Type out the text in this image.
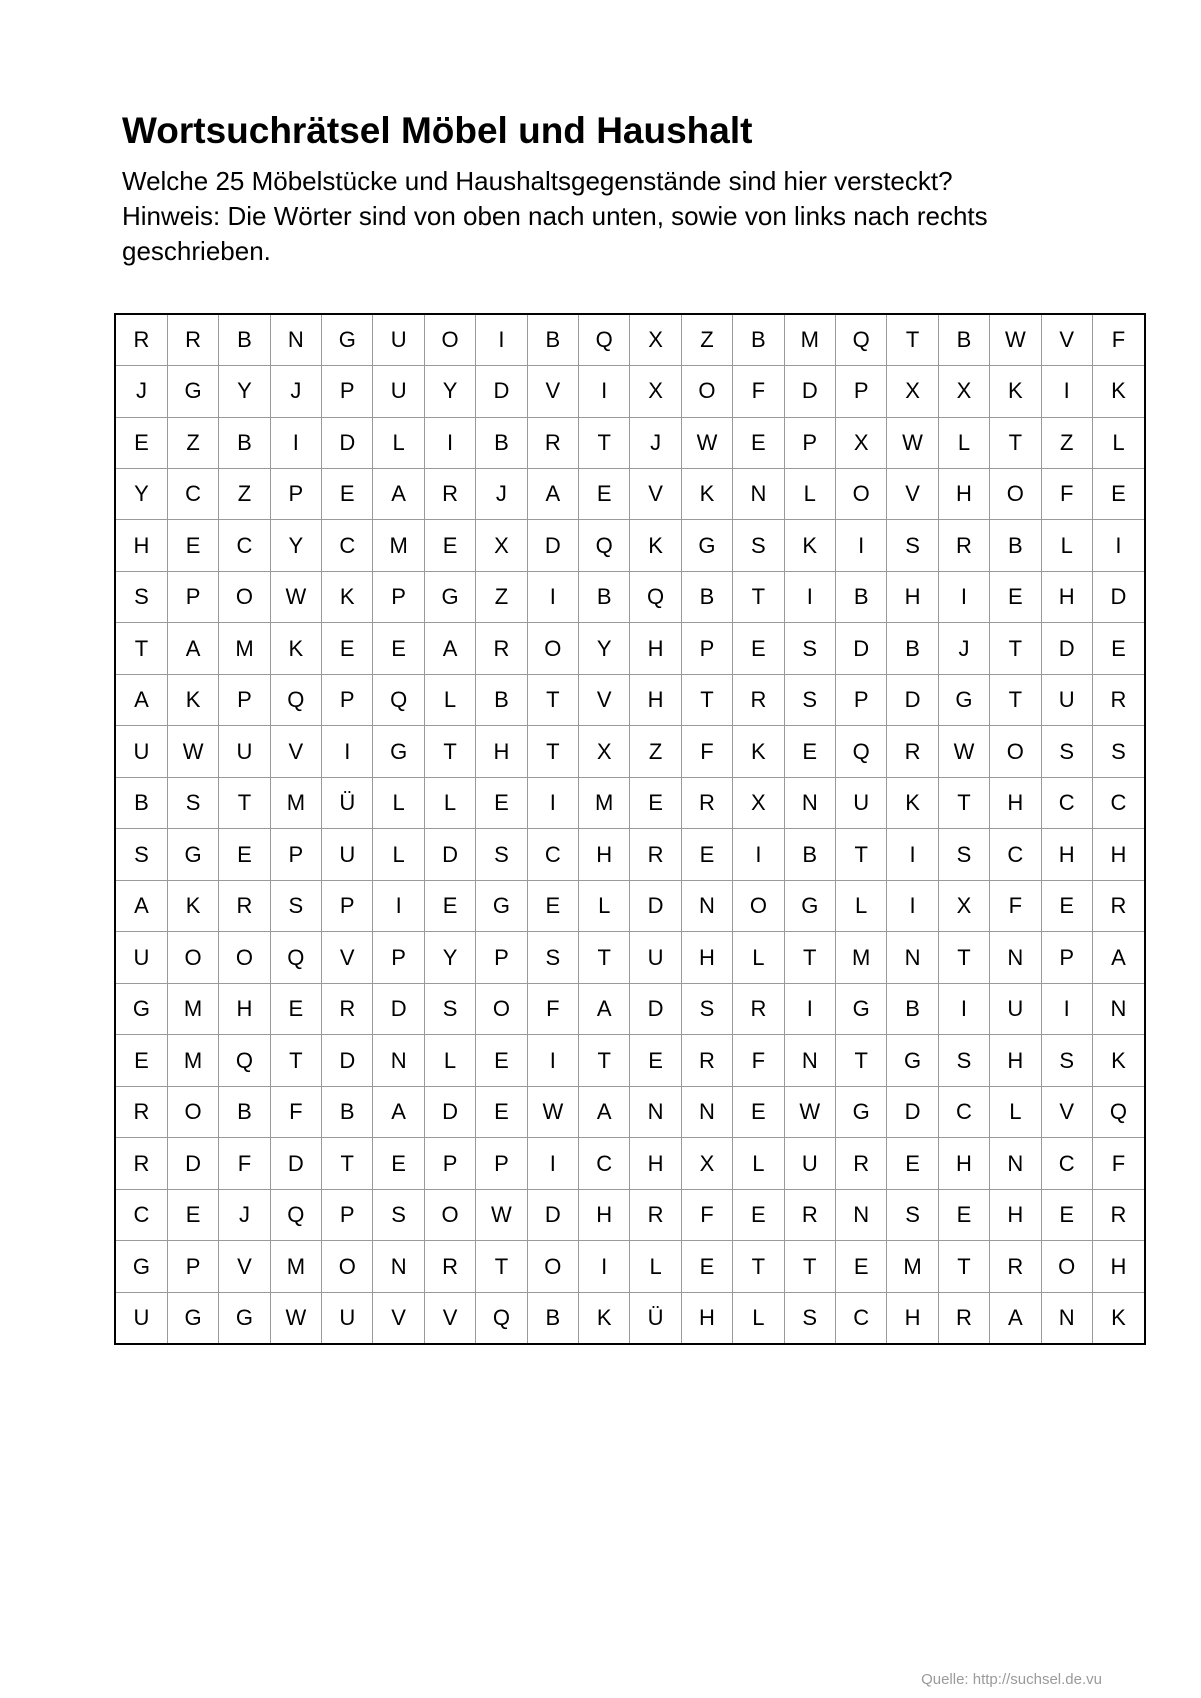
Wortsuchrätsel Möbel und Haushalt

Welche 25 Möbelstücke und Haushaltsgegenstände sind hier versteckt?

Hinweis: Die Wörter sind von oben nach unten, sowie von links nach rechts geschrieben.

R	R	B	N	G	U	O	I	B	Q	X	Z	B	M	Q	T	B	W	V	F
J	G	Y	J	P	U	Y	D	V	I	X	O	F	D	P	X	X	K	I	K
E	Z	B	I	D	L	I	B	R	T	J	W	E	P	X	W	L	T	Z	L
Y	C	Z	P	E	A	R	J	A	E	V	K	N	L	O	V	H	O	F	E
H	E	C	Y	C	M	E	X	D	Q	K	G	S	K	I	S	R	B	L	I
S	P	O	W	K	P	G	Z	I	B	Q	B	T	I	B	H	I	E	H	D
T	A	M	K	E	E	A	R	O	Y	H	P	E	S	D	B	J	T	D	E
A	K	P	Q	P	Q	L	B	T	V	H	T	R	S	P	D	G	T	U	R
U	W	U	V	I	G	T	H	T	X	Z	F	K	E	Q	R	W	O	S	S
B	S	T	M	Ü	L	L	E	I	M	E	R	X	N	U	K	T	H	C	C
S	G	E	P	U	L	D	S	C	H	R	E	I	B	T	I	S	C	H	H
A	K	R	S	P	I	E	G	E	L	D	N	O	G	L	I	X	F	E	R
U	O	O	Q	V	P	Y	P	S	T	U	H	L	T	M	N	T	N	P	A
G	M	H	E	R	D	S	O	F	A	D	S	R	I	G	B	I	U	I	N
E	M	Q	T	D	N	L	E	I	T	E	R	F	N	T	G	S	H	S	K
R	O	B	F	B	A	D	E	W	A	N	N	E	W	G	D	C	L	V	Q
R	D	F	D	T	E	P	P	I	C	H	X	L	U	R	E	H	N	C	F
C	E	J	Q	P	S	O	W	D	H	R	F	E	R	N	S	E	H	E	R
G	P	V	M	O	N	R	T	O	I	L	E	T	T	E	M	T	R	O	H
U	G	G	W	U	V	V	Q	B	K	Ü	H	L	S	C	H	R	A	N	K
Quelle: http://suchsel.de.vu
